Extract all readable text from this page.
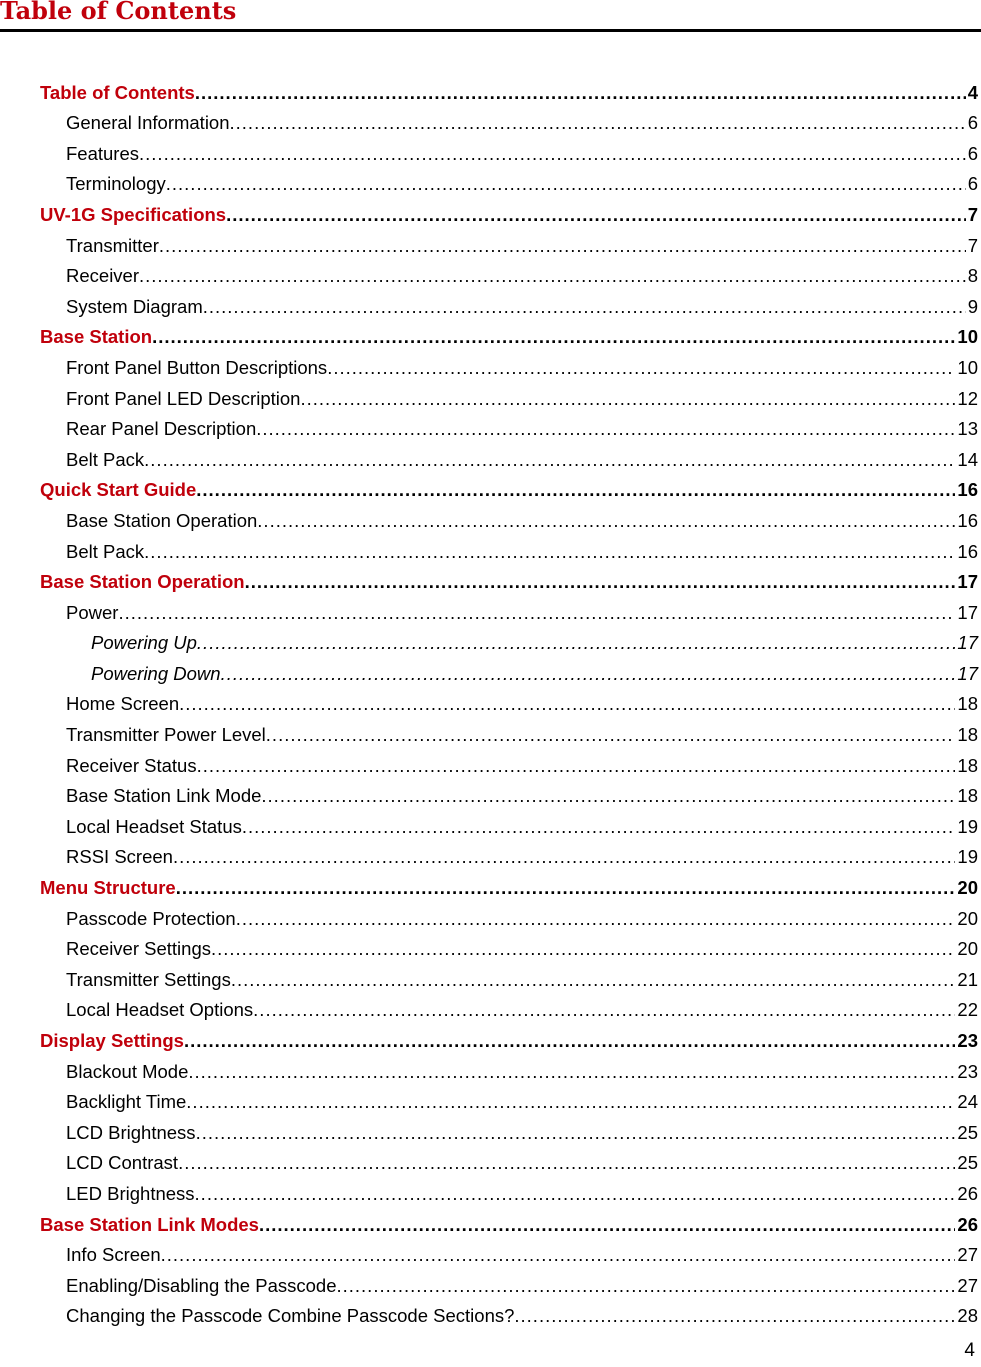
Table of Contents
Table of Contents .....	4
General Information .....	6
Features .....	6
Terminology .....	6
UV-1G Specifications .....	7
Transmitter .....	7
Receiver .....	8
System Diagram .....	9
Base Station .....	10
Front Panel Button Descriptions .....	10
Front Panel LED Description .....	12
Rear Panel Description .....	13
Belt Pack .....	14
Quick Start Guide .....	16
Base Station Operation .....	16
Belt Pack .....	16
Base Station Operation .....	17
Power .....	17
Powering Up .....	17
Powering Down .....	17
Home Screen .....	18
Transmitter Power Level .....	18
Receiver Status .....	18
Base Station Link Mode .....	18
Local Headset Status .....	19
RSSI Screen .....	19
Menu Structure .....	20
Passcode Protection .....	20
Receiver Settings .....	20
Transmitter Settings .....	21
Local Headset Options .....	22
Display Settings .....	23
Blackout Mode .....	23
Backlight Time .....	24
LCD Brightness .....	25
LCD Contrast .....	25
LED Brightness .....	26
Base Station Link Modes .....	26
Info Screen .....	27
Enabling/Disabling the Passcode .....	27
Changing the Passcode Combine Passcode Sections? .....	28
4
